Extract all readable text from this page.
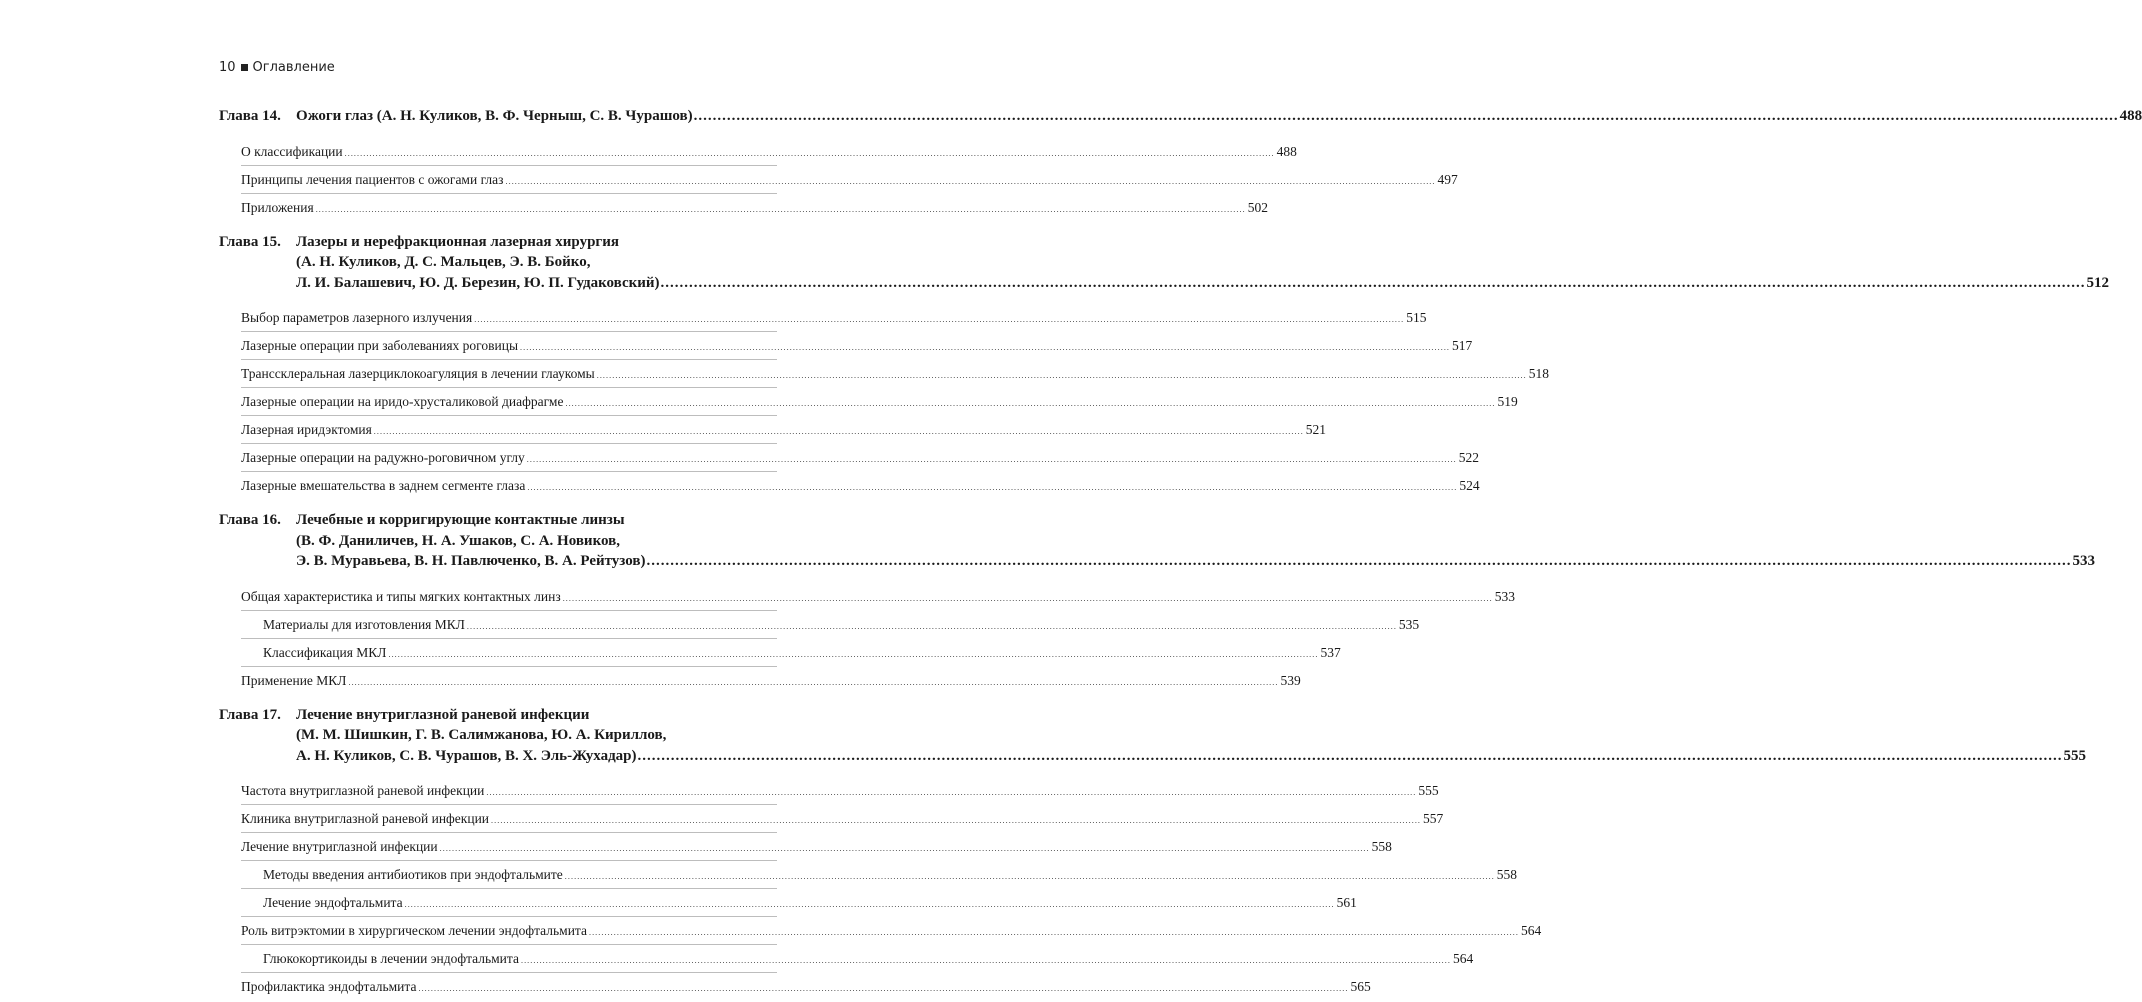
10 Оглавление
Глава 14.	Ожоги глаз (А. Н. Куликов, В. Ф. Черныш, С. В. Чурашов) ............................................................................................................................................................................................................................................................................................................ 488
О классификации ............................................................................................................................................................................................................................................................................................................ 488
Принципы лечения пациентов с ожогами глаз ............................................................................................................................................................................................................................................................................................................ 497
Приложения ............................................................................................................................................................................................................................................................................................................ 502
Глава 15.	Лазеры и нерефракционная лазерная хирургия
(А. Н. Куликов, Д. С. Мальцев, Э. В. Бойко,
Л. И. Балашевич, Ю. Д. Березин, Ю. П. Гудаковский) ............................................................................................................................................................................................................................................................................................................ 512
Выбор параметров лазерного излучения ............................................................................................................................................................................................................................................................................................................ 515
Лазерные операции при заболеваниях роговицы ............................................................................................................................................................................................................................................................................................................ 517
Транссклеральная лазерциклокоагуляция в лечении глаукомы ............................................................................................................................................................................................................................................................................................................ 518
Лазерные операции на иридо-хрусталиковой диафрагме ............................................................................................................................................................................................................................................................................................................ 519
Лазерная иридэктомия ............................................................................................................................................................................................................................................................................................................ 521
Лазерные операции на радужно-роговичном углу ............................................................................................................................................................................................................................................................................................................ 522
Лазерные вмешательства в заднем сегменте глаза ............................................................................................................................................................................................................................................................................................................ 524
Глава 16.	Лечебные и корригирующие контактные линзы
(В. Ф. Даниличев, Н. А. Ушаков, С. А. Новиков,
Э. В. Муравьева, В. Н. Павлюченко, В. А. Рейтузов) ............................................................................................................................................................................................................................................................................................................ 533
Общая характеристика и типы мягких контактных линз ............................................................................................................................................................................................................................................................................................................ 533
Материалы для изготовления МКЛ ............................................................................................................................................................................................................................................................................................................ 535
Классификация МКЛ ............................................................................................................................................................................................................................................................................................................ 537
Применение МКЛ ............................................................................................................................................................................................................................................................................................................ 539
Глава 17.	Лечение внутриглазной раневой инфекции
(М. М. Шишкин, Г. В. Салимжанова, Ю. А. Кириллов,
А. Н. Куликов, С. В. Чурашов, В. Х. Эль-Жухадар) ............................................................................................................................................................................................................................................................................................................ 555
Частота внутриглазной раневой инфекции ............................................................................................................................................................................................................................................................................................................ 555
Клиника внутриглазной раневой инфекции ............................................................................................................................................................................................................................................................................................................ 557
Лечение внутриглазной инфекции ............................................................................................................................................................................................................................................................................................................ 558
Методы введения антибиотиков при эндофтальмите ............................................................................................................................................................................................................................................................................................................ 558
Лечение эндофтальмита ............................................................................................................................................................................................................................................................................................................ 561
Роль витрэктомии в хирургическом лечении эндофтальмита ............................................................................................................................................................................................................................................................................................................ 564
Глюкокортикоиды в лечении эндофтальмита ............................................................................................................................................................................................................................................................................................................ 564
Профилактика эндофтальмита ............................................................................................................................................................................................................................................................................................................ 565
